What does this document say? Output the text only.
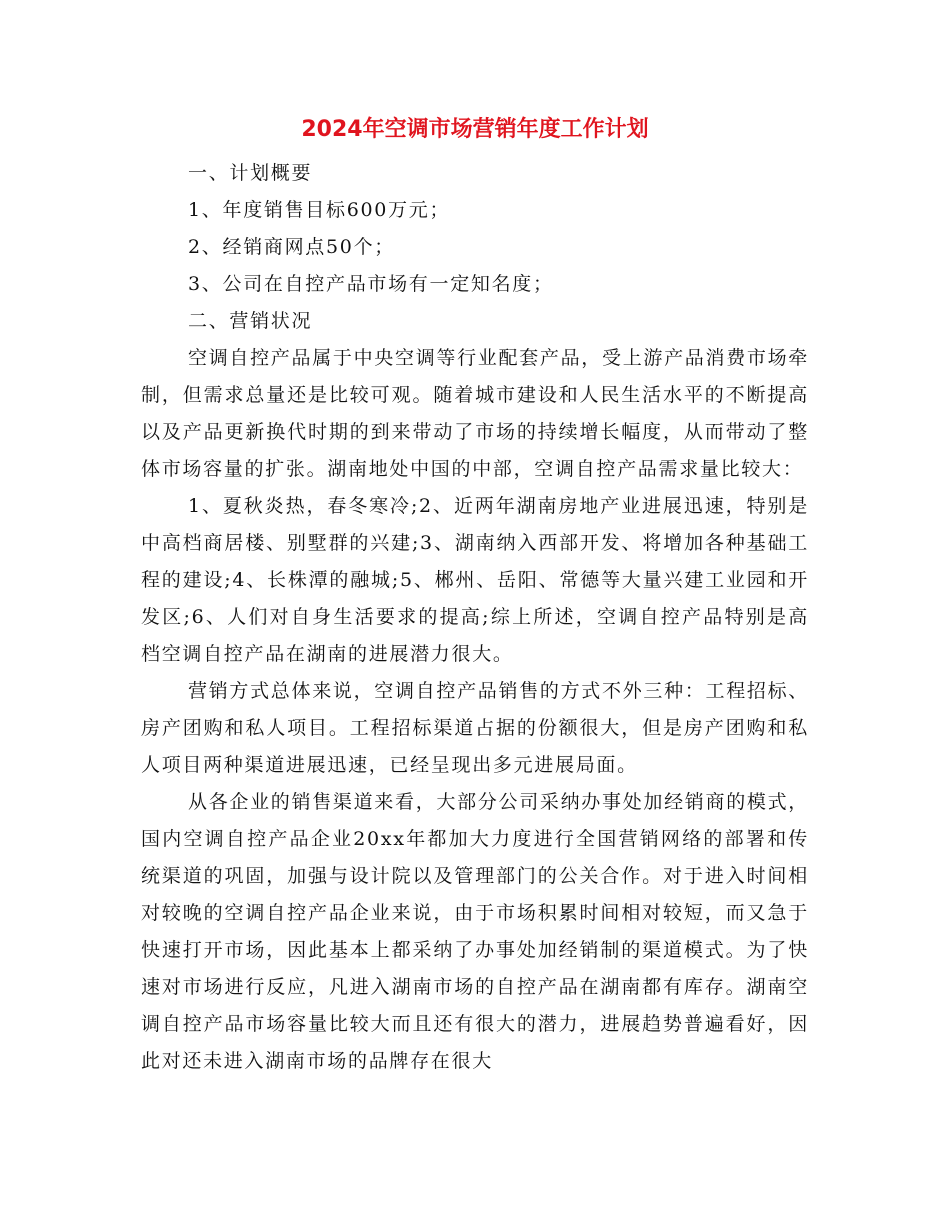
2024年空调市场营销年度工作计划

一、计划概要

1、年度销售目标600万元；

2、经销商网点50个；

3、公司在自控产品市场有一定知名度；

二、营销状况

空调自控产品属于中央空调等行业配套产品，受上游产品消费市场牵制，但需求总量还是比较可观。随着城市建设和人民生活水平的不断提高以及产品更新换代时期的到来带动了市场的持续增长幅度，从而带动了整体市场容量的扩张。湖南地处中国的中部，空调自控产品需求量比较大：

1、夏秋炎热，春冬寒冷;2、近两年湖南房地产业进展迅速，特别是中高档商居楼、别墅群的兴建;3、湖南纳入西部开发、将增加各种基础工程的建设;4、长株潭的融城;5、郴州、岳阳、常德等大量兴建工业园和开发区;6、人们对自身生活要求的提高;综上所述，空调自控产品特别是高档空调自控产品在湖南的进展潜力很大。

营销方式总体来说，空调自控产品销售的方式不外三种：工程招标、房产团购和私人项目。工程招标渠道占据的份额很大，但是房产团购和私人项目两种渠道进展迅速，已经呈现出多元进展局面。

从各企业的销售渠道来看，大部分公司采纳办事处加经销商的模式，国内空调自控产品企业20xx年都加大力度进行全国营销网络的部署和传统渠道的巩固，加强与设计院以及管理部门的公关合作。对于进入时间相对较晚的空调自控产品企业来说，由于市场积累时间相对较短，而又急于快速打开市场，因此基本上都采纳了办事处加经销制的渠道模式。为了快速对市场进行反应，凡进入湖南市场的自控产品在湖南都有库存。湖南空调自控产品市场容量比较大而且还有很大的潜力，进展趋势普遍看好，因此对还未进入湖南市场的品牌存在很大
